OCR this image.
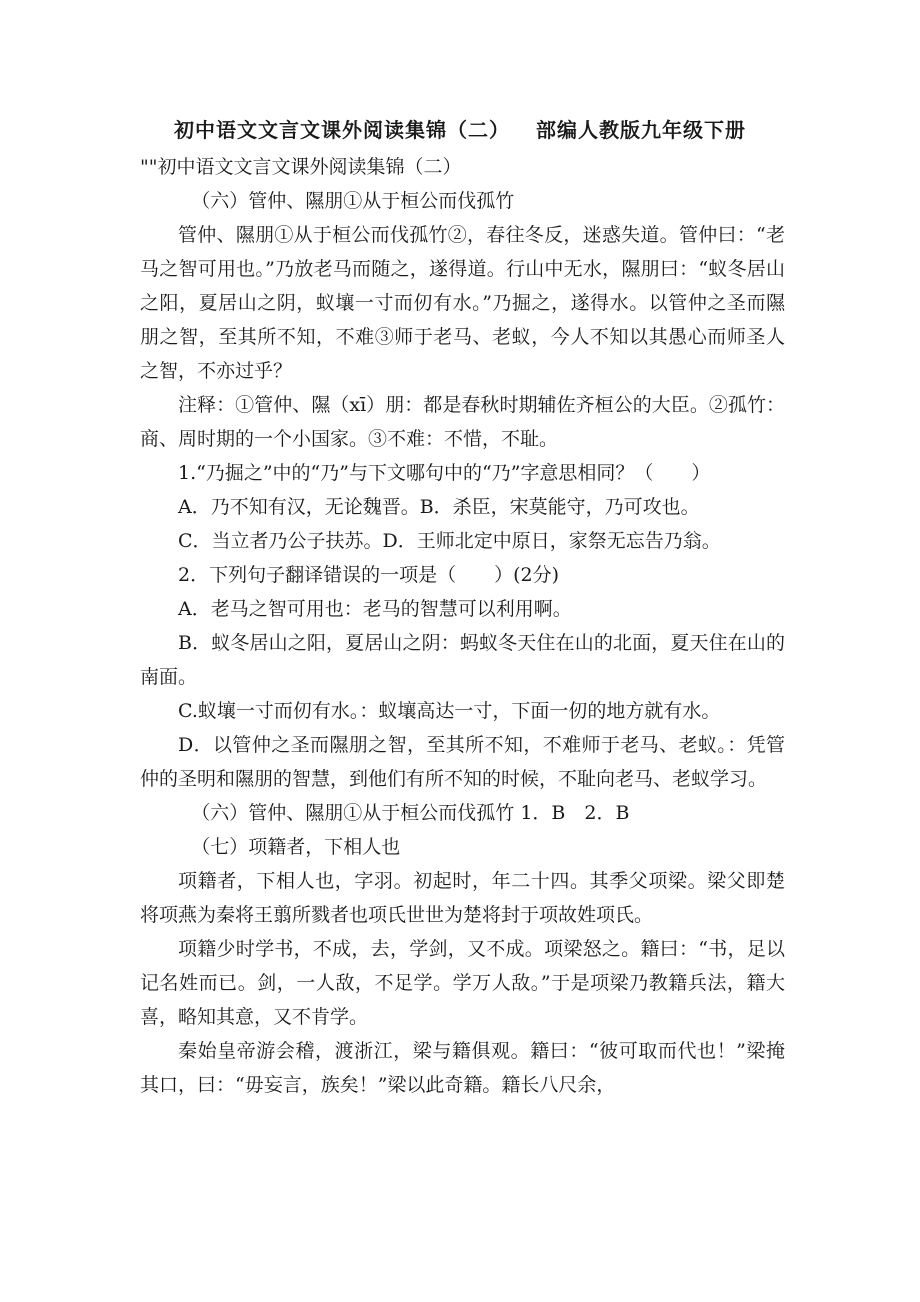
初中语文文言文课外阅读集锦（二） 部编人教版九年级下册

""初中语文文言文课外阅读集锦（二）

（六）管仲、隰朋①从于桓公而伐孤竹

管仲、隰朋①从于桓公而伐孤竹②，春往冬反，迷惑失道。管仲曰：“老马之智可用也。”乃放老马而随之，遂得道。行山中无水，隰朋曰：“蚁冬居山之阳，夏居山之阴，蚁壤一寸而仞有水。”乃掘之，遂得水。以管仲之圣而隰朋之智，至其所不知，不难③师于老马、老蚁，今人不知以其愚心而师圣人之智，不亦过乎？

注释：①管仲、隰（xī）朋：都是春秋时期辅佐齐桓公的大臣。②孤竹：商、周时期的一个小国家。③不难：不惜，不耻。

1.“乃掘之”中的“乃”与下文哪句中的“乃”字意思相同？（　　）

A．乃不知有汉，无论魏晋。B．杀臣，宋莫能守，乃可攻也。

C．当立者乃公子扶苏。D．王师北定中原日，家祭无忘告乃翁。

2．下列句子翻译错误的一项是（　　）(2分)

A．老马之智可用也：老马的智慧可以利用啊。

B．蚁冬居山之阳，夏居山之阴：蚂蚁冬天住在山的北面，夏天住在山的南面。

C.蚁壤一寸而仞有水。：蚁壤高达一寸，下面一仞的地方就有水。

D．以管仲之圣而隰朋之智，至其所不知，不难师于老马、老蚁。：凭管仲的圣明和隰朋的智慧，到他们有所不知的时候，不耻向老马、老蚁学习。

（六）管仲、隰朋①从于桓公而伐孤竹 1．B　2．B

（七）项籍者，下相人也

项籍者，下相人也，字羽。初起时，年二十四。其季父项梁。梁父即楚将项燕为秦将王翦所戮者也项氏世世为楚将封于项故姓项氏。

项籍少时学书，不成，去，学剑，又不成。项梁怒之。籍曰：“书，足以记名姓而已。剑，一人敌，不足学。学万人敌。”于是项梁乃教籍兵法，籍大喜，略知其意，又不肯学。

秦始皇帝游会稽，渡浙江，梁与籍俱观。籍曰：“彼可取而代也！”梁掩其口，曰：“毋妄言，族矣！”梁以此奇籍。籍长八尺余，
